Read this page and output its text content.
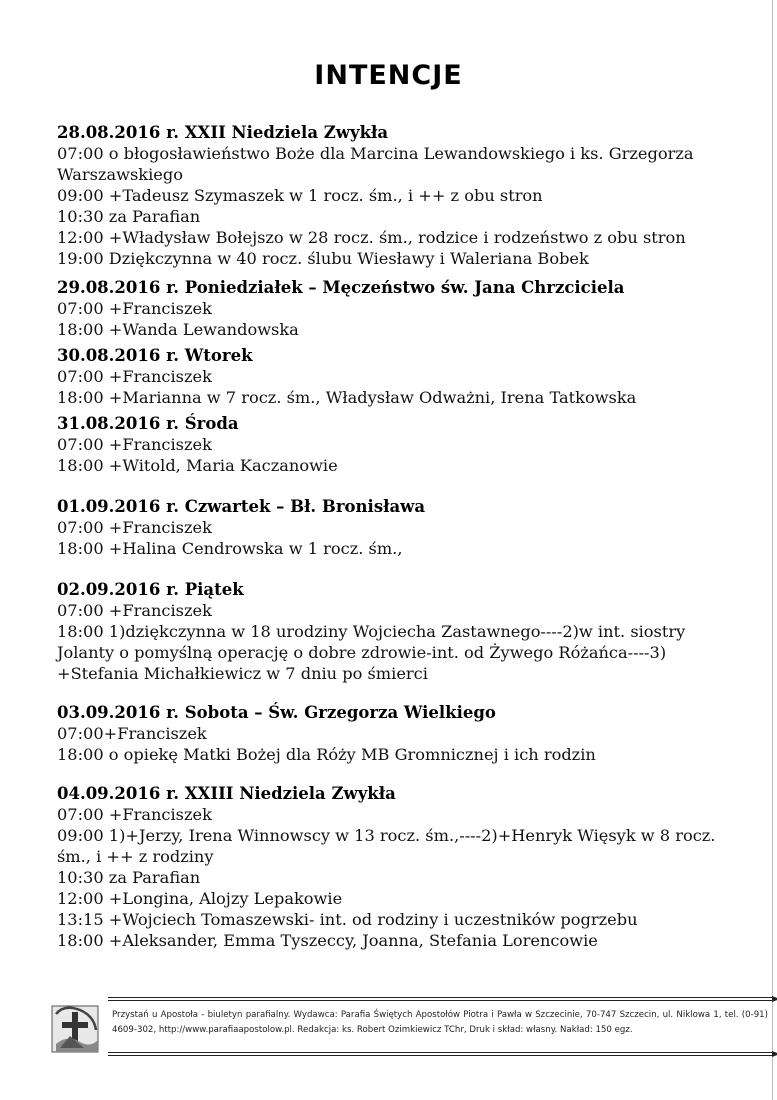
INTENCJE
28.08.2016 r. XXII Niedziela Zwykła
07:00 o błogosławieństwo Boże dla Marcina Lewandowskiego i ks. Grzegorza Warszawskiego
09:00 +Tadeusz Szymaszek w 1 rocz. śm., i ++ z obu stron
10:30 za Parafian
12:00 +Władysław Bołejszo w 28 rocz. śm., rodzice i rodzeństwo z obu stron
19:00 Dziękczynna w 40 rocz. ślubu Wiesławy i Waleriana Bobek
29.08.2016 r. Poniedziałek – Męczeństwo św. Jana Chrzciciela
07:00 +Franciszek
18:00 +Wanda Lewandowska
30.08.2016 r. Wtorek
07:00 +Franciszek
18:00 +Marianna w 7 rocz. śm., Władysław Odważni, Irena Tatkowska
31.08.2016 r. Środa
07:00 +Franciszek
18:00 +Witold, Maria Kaczanowie
01.09.2016 r. Czwartek – Bł. Bronisława
07:00 +Franciszek
18:00 +Halina Cendrowska w 1 rocz. śm.,
02.09.2016 r. Piątek
07:00 +Franciszek
18:00 1)dziękczynna w 18 urodziny Wojciecha Zastawnego----2)w int. siostry Jolanty o pomyślną operację o dobre zdrowie-int. od Żywego Różańca----3) +Stefania Michałkiewicz w 7 dniu po śmierci
03.09.2016 r. Sobota – Św. Grzegorza Wielkiego
07:00+Franciszek
18:00 o opiekę Matki Bożej dla Róży MB Gromnicznej i ich rodzin
04.09.2016 r. XXIII Niedziela Zwykła
07:00 +Franciszek
09:00 1)+Jerzy, Irena Winnowscy w 13 rocz. śm.,----2)+Henryk Więsyk w 8 rocz. śm., i ++ z rodziny
10:30 za Parafian
12:00 +Longina, Alojzy Lepakowie
13:15 +Wojciech Tomaszewski- int. od rodziny i uczestników pogrzebu
18:00 +Aleksander, Emma Tyszeccy, Joanna, Stefania Lorencowie
Przystań u Apostoła - biuletyn parafialny. Wydawca: Parafia Świętych Apostołów Piotra i Pawła w Szczecinie, 70-747 Szczecin, ul. Niklowa 1, tel. (0-91) 4609-302, http://www.parafiaapostolow.pl. Redakcja: ks. Robert Ozimkiewicz TChr, Druk i skład: własny. Nakład: 150 egz.
